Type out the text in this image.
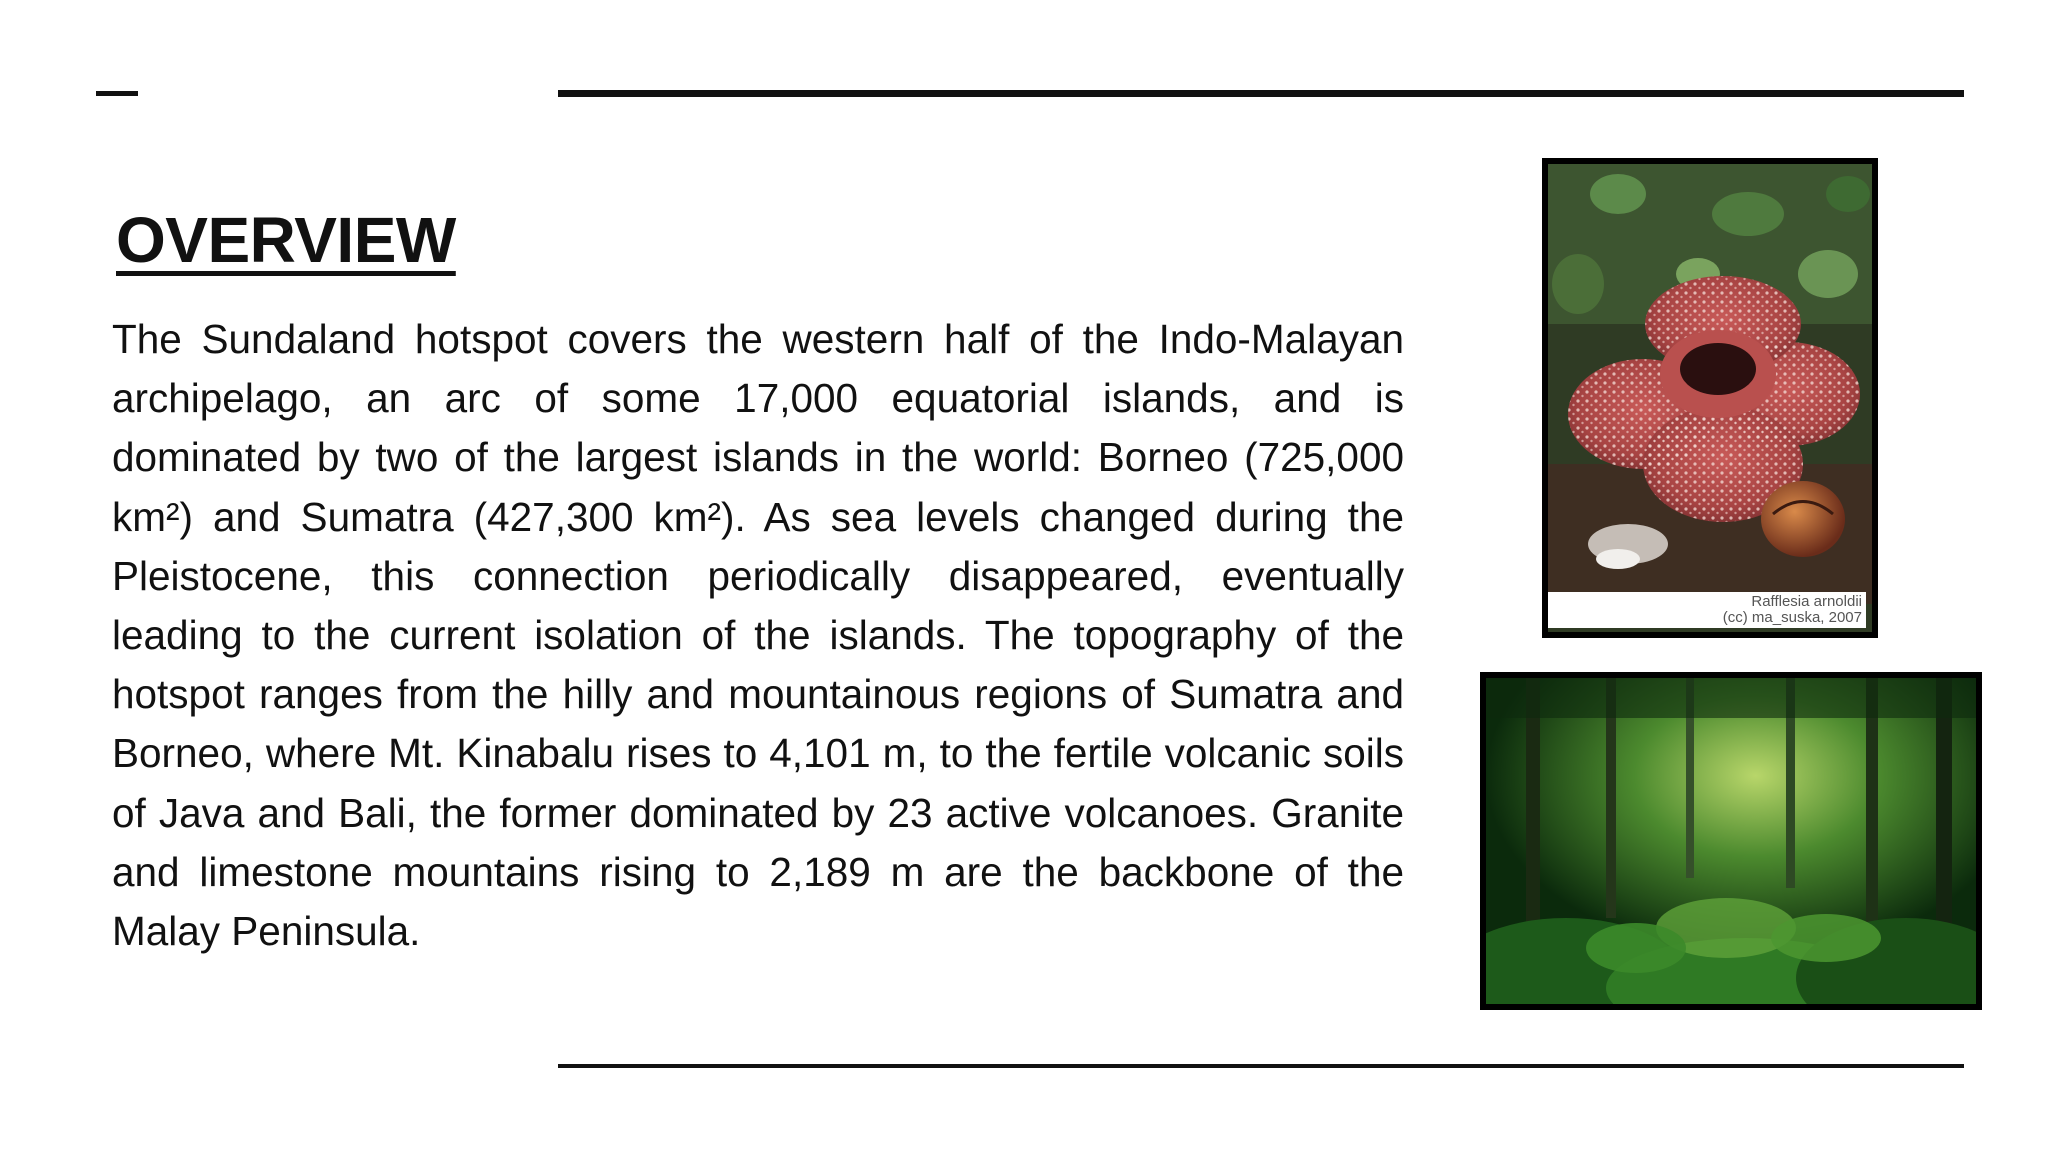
OVERVIEW

The Sundaland hotspot covers the western half of the Indo-Malayan archipelago, an arc of some 17,000 equatorial islands, and is dominated by two of the largest islands in the world: Borneo (725,000 km²) and Sumatra (427,300 km²). As sea levels changed during the Pleistocene, this connection periodically disappeared, eventually leading to the current isolation of the islands. The topography of the hotspot ranges from the hilly and mountainous regions of Sumatra and Borneo, where Mt. Kinabalu rises to 4,101 m, to the fertile volcanic soils of Java and Bali, the former dominated by 23 active volcanoes. Granite and limestone mountains rising to 2,189 m are the backbone of the Malay Peninsula.

Rafflesia arnoldii
(cc) ma_suska, 2007
